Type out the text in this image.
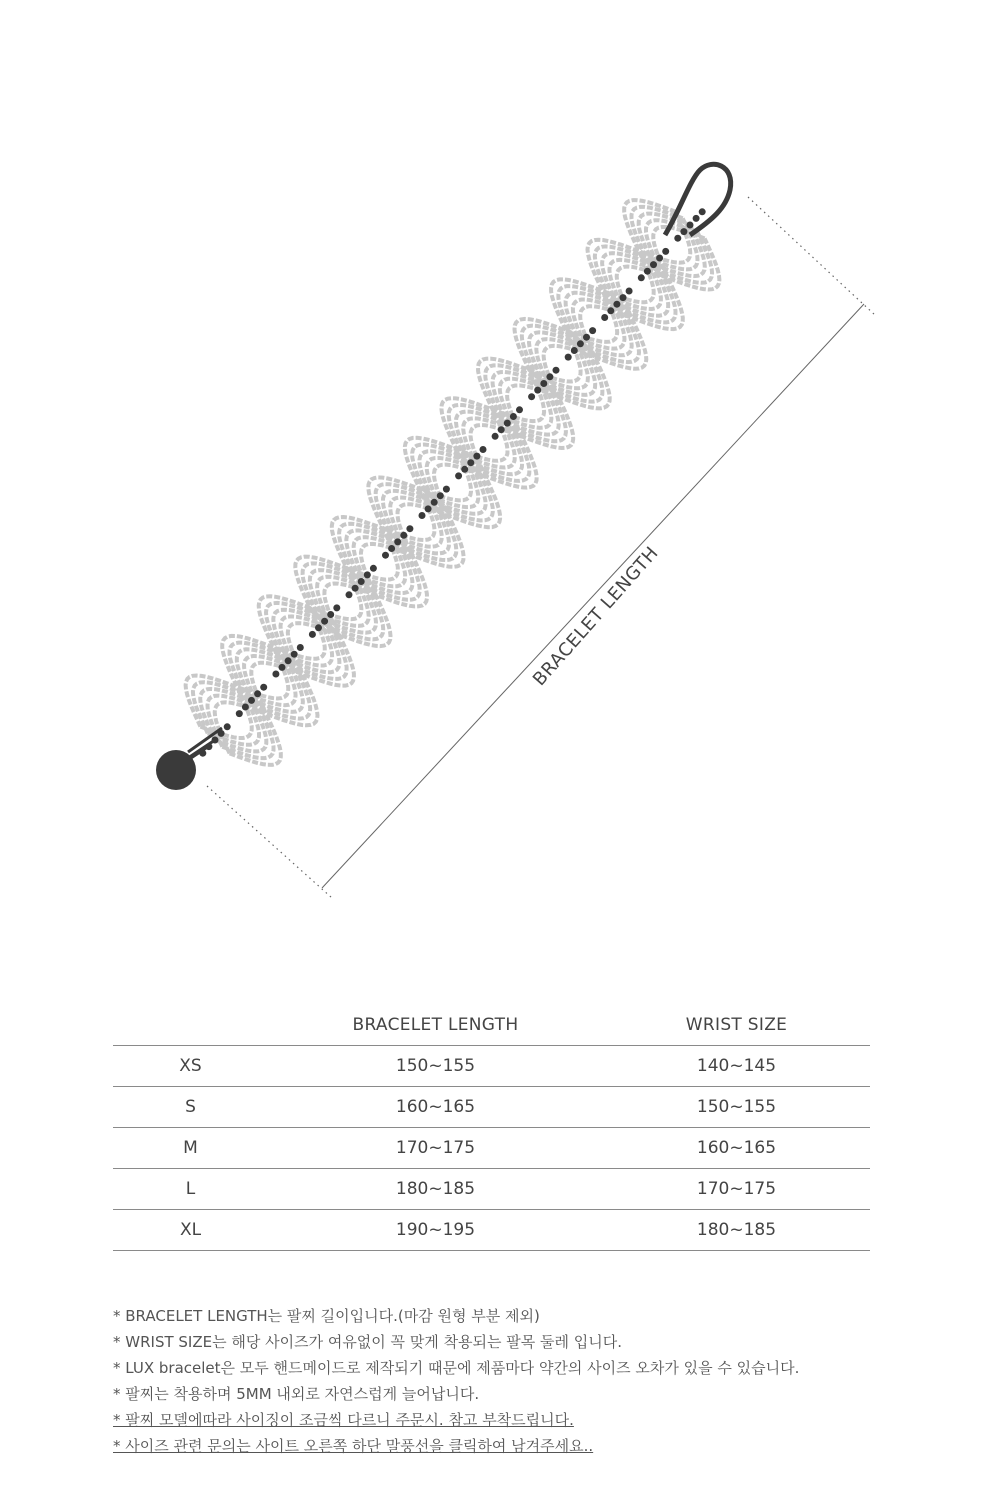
BRACELET LENGTH
	BRACELET LENGTH	WRIST SIZE
XS	150~155	140~145
S	160~165	150~155
M	170~175	160~165
L	180~185	170~175
XL	190~195	180~185
* BRACELET LENGTH는 팔찌 길이입니다.(마감 원형 부분 제외)
* WRIST SIZE는 해당 사이즈가 여유없이 꼭 맞게 착용되는 팔목 둘레 입니다.
* LUX bracelet은 모두 핸드메이드로 제작되기 때문에 제품마다 약간의 사이즈 오차가 있을 수 있습니다.
* 팔찌는 착용하며 5MM 내외로 자연스럽게 늘어납니다.
* 팔찌 모델에따라 사이징이 조금씩 다르니 주문시. 참고 부착드립니다.
* 사이즈 관련 문의는 사이트 오른쪽 하단 말풍선을 클릭하여 남겨주세요..
